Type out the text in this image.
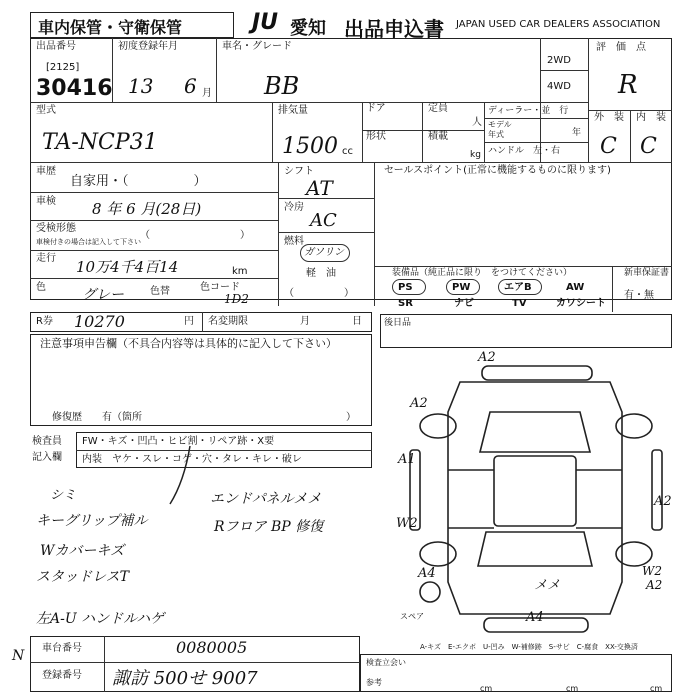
車内保管・守衛保管	JU 愛知 出品申込書 JAPAN USED CAR DEALERS ASSOCIATION
出品番号
[2125]
30416
初度登録年月
13 6 月
車名・グレード
BB
2WD
4WD
評　価　点
R
外　装 内　装
C C
型式
TA-NCP31
排気量
1500 cc
ドア	定員
人
形状	積載
kg
ディーラー・並　行
モデル
年式	年
ハンドル　左・右
車歴
自家用・（　　　　　）
車検 8 年 6 月(28日)
受検形態
車検付きの場合は記入して下さい
（　　　　　　　　　）
走行 10万4千4百14	km
色	グレー	色替	色コード
1D2
シフト
AT
冷房
AC
燃料
ガソリン
軽　油
（　　　　　）
セールスポイント(正常に機能するものに限ります)
装備品（純正品に限り　をつけてください）	新車保証書
有・無
PS	PW	エアB	AW
SR	ナビ	TV	カワシート
R券 10270	円 名変期限	月	日 後日品
注意事項申告欄（不具合内容等は具体的に記入して下さい）
修復歴　　有（箇所	）
検査員
記入欄
FW・キズ・凹凸・ヒビ割・リペア跡・X要
内装　ヤケ・スレ・コゲ・穴・タレ・キレ・破レ
シミ
キーグリップ補ル
Wカバーキズ
スタッドレスT
左A-U ハンドルハゲ
エンドパネルメメ
Rフロア BP 修復
A2
A2
A1
W2
A2
A4	W2
A2
メメ
A4
スペア
A-キズ　E-エクボ　U-凹み　W-補修跡　S-サビ　C-腐食　XX-交換済
N 車台番号	0080005
登録番号 諏訪 500せ 9007
検査立会い
参考
cm	cm	cm
